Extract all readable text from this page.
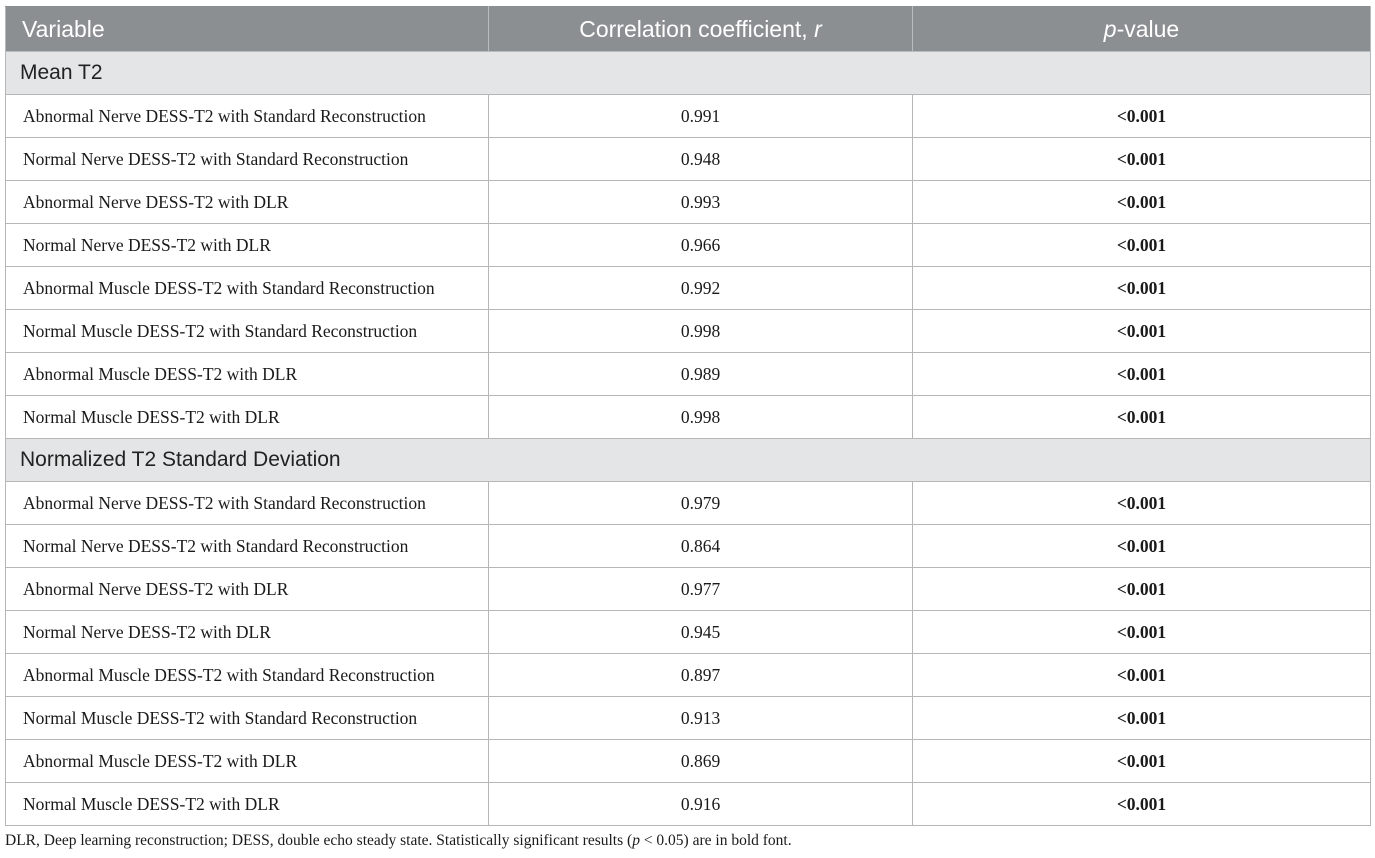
Variable	Correlation coefficient, r	p-value
Mean T2		
Abnormal Nerve DESS-T2 with Standard Reconstruction	0.991	<0.001
Normal Nerve DESS-T2 with Standard Reconstruction	0.948	<0.001
Abnormal Nerve DESS-T2 with DLR	0.993	<0.001
Normal Nerve DESS-T2 with DLR	0.966	<0.001
Abnormal Muscle DESS-T2 with Standard Reconstruction	0.992	<0.001
Normal Muscle DESS-T2 with Standard Reconstruction	0.998	<0.001
Abnormal Muscle DESS-T2 with DLR	0.989	<0.001
Normal Muscle DESS-T2 with DLR	0.998	<0.001
Normalized T2 Standard Deviation		
Abnormal Nerve DESS-T2 with Standard Reconstruction	0.979	<0.001
Normal Nerve DESS-T2 with Standard Reconstruction	0.864	<0.001
Abnormal Nerve DESS-T2 with DLR	0.977	<0.001
Normal Nerve DESS-T2 with DLR	0.945	<0.001
Abnormal Muscle DESS-T2 with Standard Reconstruction	0.897	<0.001
Normal Muscle DESS-T2 with Standard Reconstruction	0.913	<0.001
Abnormal Muscle DESS-T2 with DLR	0.869	<0.001
Normal Muscle DESS-T2 with DLR	0.916	<0.001
DLR, Deep learning reconstruction; DESS, double echo steady state. Statistically significant results (p < 0.05) are in bold font.
